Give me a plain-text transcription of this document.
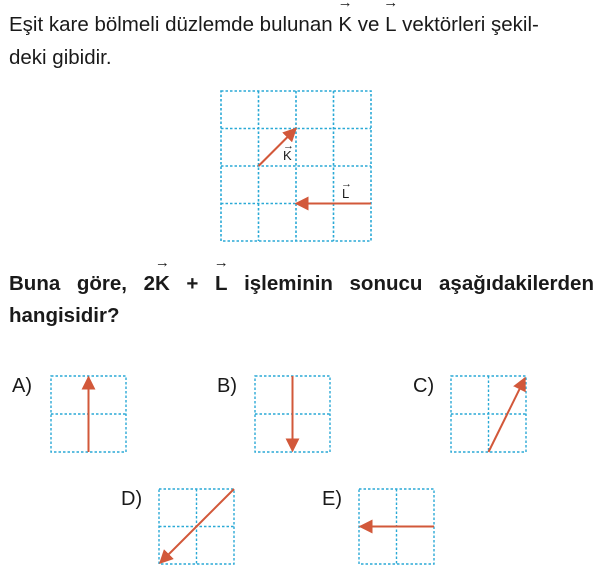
Eşit kare bölmeli düzlemde bulunan → K ve → L vektörleri şekil-
deki gibidir.
Buna göre, 2→ K + → L işleminin sonucu aşağıdakilerden hangisidir?
K
→
L
→
A)	B)	C)
D)	E)
